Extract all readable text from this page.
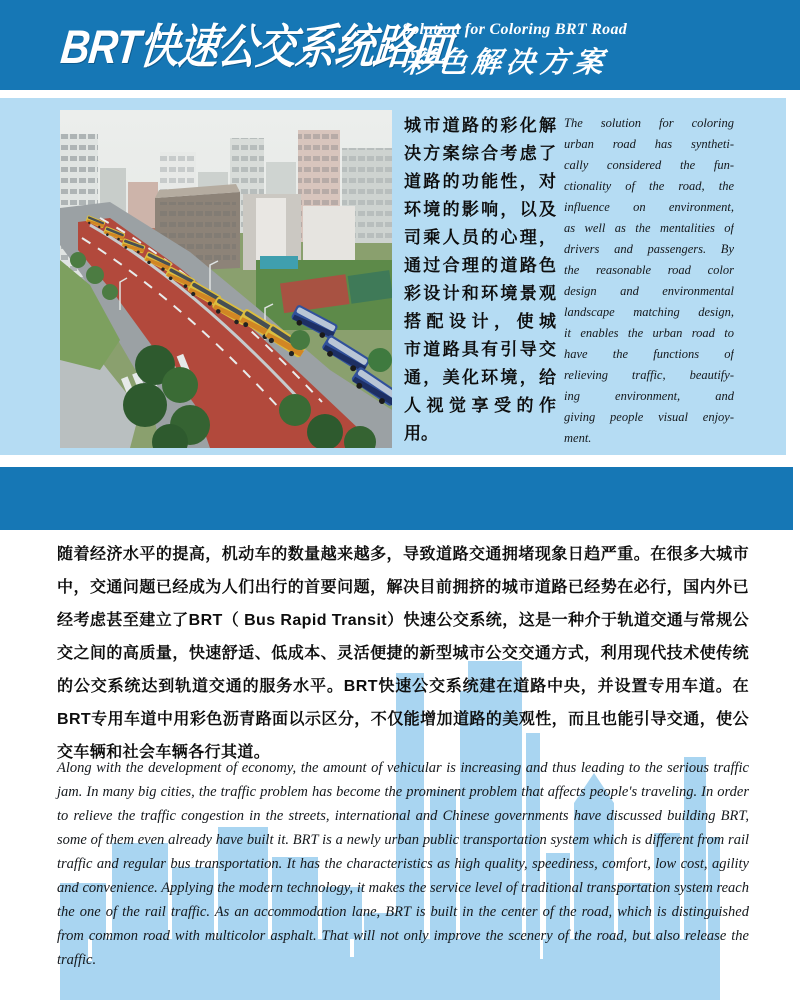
BRT快速公交系统路面
Solution for Coloring BRT Road
彩色解决方案
城市道路的彩化解
决方案综合考虑了
道路的功能性，对
环境的影响，以及
司乘人员的心理，
通过合理的道路色
彩设计和环境景观
搭配设计，使城
市道路具有引导交
通，美化环境，给
人视觉享受的作
用。
The solution for coloring
urban road has syntheti-
cally considered the fun-
ctionality of the road, the
influence on environment,
as well as the mentalities of
drivers and passengers. By
the reasonable road color
design and environmental
landscape matching design,
it enables the urban road to
have the functions of
relieving traffic, beautify-
ing environment, and
giving people visual enjoy-
ment.

随着经济水平的提高，机动车的数量越来越多，导致道路交通拥堵现象日趋严重。在很多大城市中，交通问题已经成为人们出行的首要问题，解决目前拥挤的城市道路已经势在必行，国内外已经考虑甚至建立了BRT（ Bus Rapid Transit）快速公交系统，这是一种介于轨道交通与常规公交之间的高质量，快速舒适、低成本、灵活便捷的新型城市公交交通方式，利用现代技术使传统的公交系统达到轨道交通的服务水平。BRT快速公交系统建在道路中央，并设置专用车道。在BRT专用车道中用彩色沥青路面以示区分，不仅能增加道路的美观性，而且也能引导交通，使公交车辆和社会车辆各行其道。

Along with the development of economy, the amount of vehicular is increasing and thus leading to the serious traffic jam. In many big cities, the traffic problem has become the prominent problem that affects people's traveling. In order to relieve the traffic congestion in the streets, international and Chinese governments have discussed building BRT, some of them even already have built it. BRT is a newly urban public transportation system which is different from rail traffic and regular bus transportation. It has the characteristics as high quality, speediness, comfort, low cost, agility and convenience. Applying the modern technology, it makes the service level of traditional transportation system reach the one of the rail traffic. As an accommodation lane, BRT is built in the center of the road, which is distinguished from common road with multicolor asphalt. That will not only improve the scenery of the road, but also release the traffic.
